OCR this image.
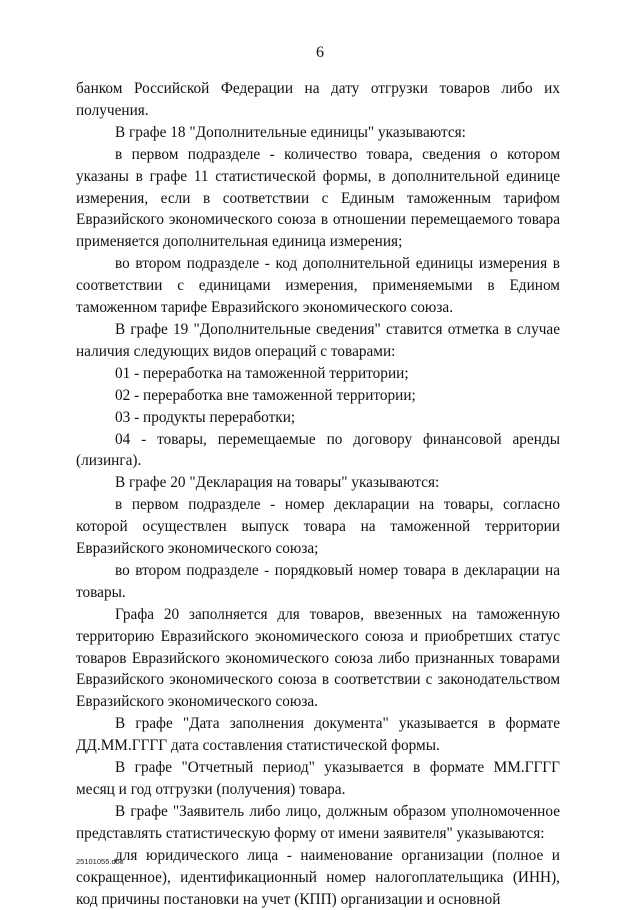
6

банком Российской Федерации на дату отгрузки товаров либо их получения.

В графе 18 "Дополнительные единицы" указываются:

в первом подразделе - количество товара, сведения о котором указаны в графе 11 статистической формы, в дополнительной единице измерения, если в соответствии с Единым таможенным тарифом Евразийского экономического союза в отношении перемещаемого товара применяется дополнительная единица измерения;

во втором подразделе - код дополнительной единицы измерения в соответствии с единицами измерения, применяемыми в Едином таможенном тарифе Евразийского экономического союза.

В графе 19 "Дополнительные сведения" ставится отметка в случае наличия следующих видов операций с товарами:

01 - переработка на таможенной территории;

02 - переработка вне таможенной территории;

03 - продукты переработки;

04 - товары, перемещаемые по договору финансовой аренды (лизинга).

В графе 20 "Декларация на товары" указываются:

в первом подразделе - номер декларации на товары, согласно которой осуществлен выпуск товара на таможенной территории Евразийского экономического союза;

во втором подразделе - порядковый номер товара в декларации на товары.

Графа 20 заполняется для товаров, ввезенных на таможенную территорию Евразийского экономического союза и приобретших статус товаров Евразийского экономического союза либо признанных товарами Евразийского экономического союза в соответствии с законодательством Евразийского экономического союза.

В графе "Дата заполнения документа" указывается в формате ДД.ММ.ГГГГ дата составления статистической формы.

В графе "Отчетный период" указывается в формате ММ.ГГГГ месяц и год отгрузки (получения) товара.

В графе "Заявитель либо лицо, должным образом уполномоченное представлять статистическую форму от имени заявителя" указываются:

для юридического лица - наименование организации (полное и сокращенное), идентификационный номер налогоплательщика (ИНН), код причины постановки на учет (КПП) организации и основной

25101055.doc
